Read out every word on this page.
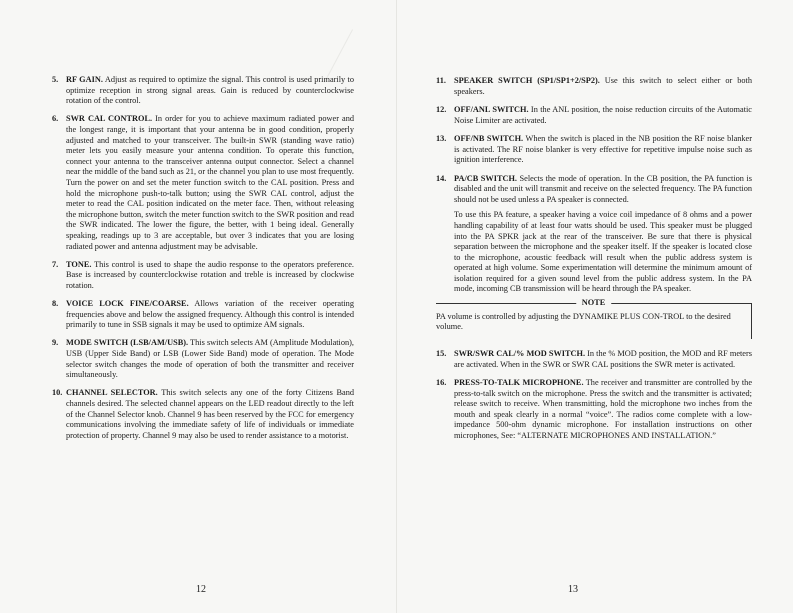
5. RF GAIN. Adjust as required to optimize the signal. This control is used primarily to optimize reception in strong signal areas. Gain is reduced by counterclockwise rotation of the control.
6. SWR CAL CONTROL. In order for you to achieve maximum radiated power and the longest range, it is important that your antenna be in good condition, properly adjusted and matched to your transceiver. The built-in SWR (standing wave ratio) meter lets you easily measure your antenna condition. To operate this function, connect your antenna to the transceiver antenna output connector. Select a channel near the middle of the band such as 21, or the channel you plan to use most frequently. Turn the power on and set the meter function switch to the CAL position. Press and hold the microphone push-to-talk button; using the SWR CAL control, adjust the meter to read the CAL position indicated on the meter face. Then, without releasing the microphone button, switch the meter function switch to the SWR position and read the SWR indicated. The lower the figure, the better, with 1 being ideal. Generally speaking, readings up to 3 are acceptable, but over 3 indicates that you are losing radiated power and antenna adjustment may be advisable.
7. TONE. This control is used to shape the audio response to the operators preference. Base is increased by counterclockwise rotation and treble is increased by clockwise rotation.
8. VOICE LOCK FINE/COARSE. Allows variation of the receiver operating frequencies above and below the assigned frequency. Although this control is intended primarily to tune in SSB signals it may be used to optimize AM signals.
9. MODE SWITCH (LSB/AM/USB). This switch selects AM (Amplitude Modulation), USB (Upper Side Band) or LSB (Lower Side Band) mode of operation. The Mode selector switch changes the mode of operation of both the transmitter and receiver simultaneously.
10. CHANNEL SELECTOR. This switch selects any one of the forty Citizens Band channels desired. The selected channel appears on the LED readout directly to the left of the Channel Selector knob. Channel 9 has been reserved by the FCC for emergency communications involving the immediate safety of life of individuals or immediate protection of property. Channel 9 may also be used to render assistance to a motorist.
12
11. SPEAKER SWITCH (SP1/SP1+2/SP2). Use this switch to select either or both speakers.
12. OFF/ANL SWITCH. In the ANL position, the noise reduction circuits of the Automatic Noise Limiter are activated.
13. OFF/NB SWITCH. When the switch is placed in the NB position the RF noise blanker is activated. The RF noise blanker is very effective for repetitive impulse noise such as ignition interference.
14. PA/CB SWITCH. Selects the mode of operation. In the CB position, the PA function is disabled and the unit will transmit and receive on the selected frequency. The PA function should not be used unless a PA speaker is connected.
To use this PA feature, a speaker having a voice coil impedance of 8 ohms and a power handling capability of at least four watts should be used. This speaker must be plugged into the PA SPKR jack at the rear of the transceiver. Be sure that there is physical separation between the microphone and the speaker itself. If the speaker is located close to the microphone, acoustic feedback will result when the public address system is operated at high volume. Some experimentation will determine the minimum amount of isolation required for a given sound level from the public address system. In the PA mode, incoming CB transmission will be heard through the PA speaker.
NOTE
PA volume is controlled by adjusting the DYNAMIKE PLUS CON-TROL to the desired volume.
15. SWR/SWR CAL/% MOD SWITCH. In the % MOD position, the MOD and RF meters are activated. When in the SWR or SWR CAL positions the SWR meter is activated.
16. PRESS-TO-TALK MICROPHONE. The receiver and transmitter are controlled by the press-to-talk switch on the microphone. Press the switch and the transmitter is activated; release switch to receive. When transmitting, hold the microphone two inches from the mouth and speak clearly in a normal “voice”. The radios come complete with a low-impedance 500-ohm dynamic microphone. For installation instructions on other microphones, See: “ALTERNATE MICROPHONES AND INSTALLATION.”
13
